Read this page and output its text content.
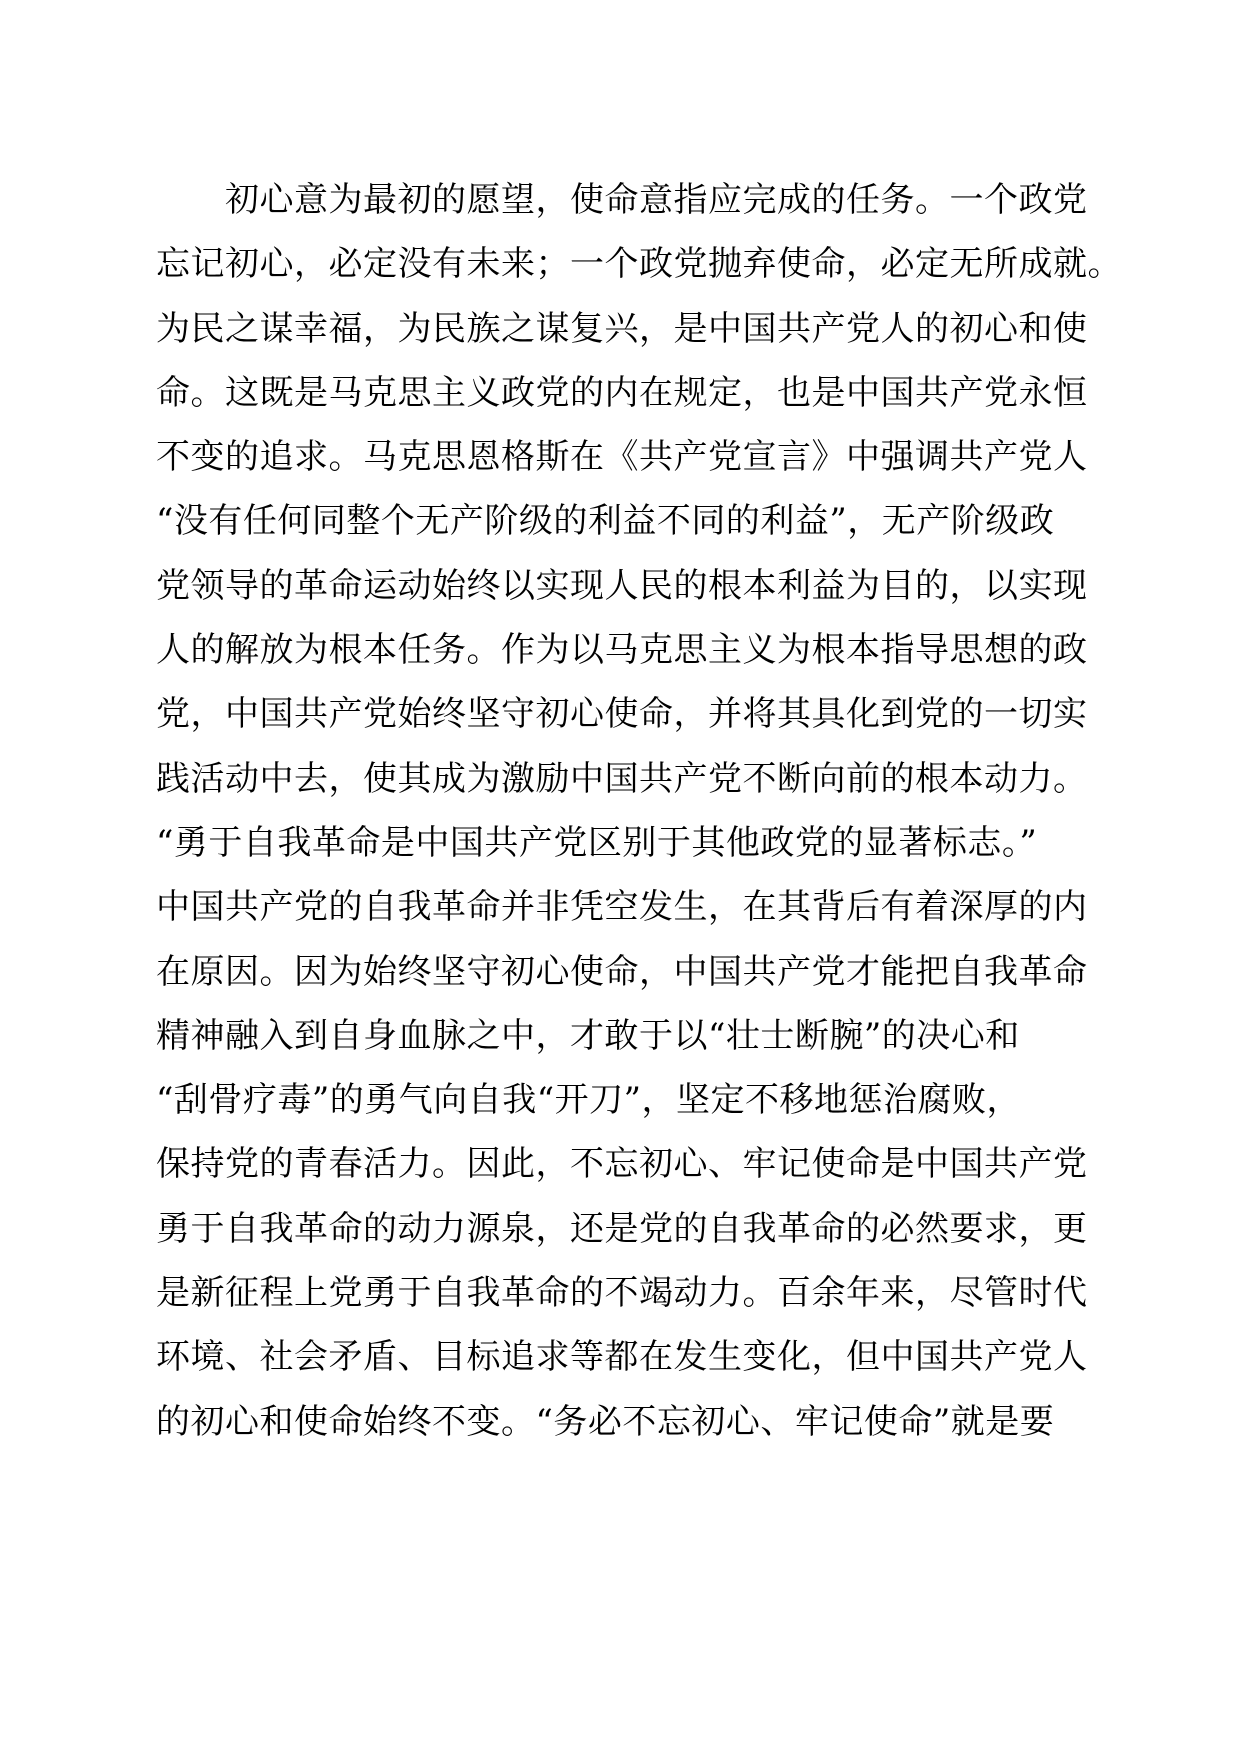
　　初心意为最初的愿望，使命意指应完成的任务。一个政党
忘记初心，必定没有未来；一个政党抛弃使命，必定无所成就。
为民之谋幸福，为民族之谋复兴，是中国共产党人的初心和使
命。这既是马克思主义政党的内在规定，也是中国共产党永恒
不变的追求。马克思恩格斯在《共产党宣言》中强调共产党人
“没有任何同整个无产阶级的利益不同的利益”，无产阶级政
党领导的革命运动始终以实现人民的根本利益为目的，以实现
人的解放为根本任务。作为以马克思主义为根本指导思想的政
党，中国共产党始终坚守初心使命，并将其具化到党的一切实
践活动中去，使其成为激励中国共产党不断向前的根本动力。
“勇于自我革命是中国共产党区别于其他政党的显著标志。”
中国共产党的自我革命并非凭空发生，在其背后有着深厚的内
在原因。因为始终坚守初心使命，中国共产党才能把自我革命
精神融入到自身血脉之中，才敢于以“壮士断腕”的决心和
“刮骨疗毒”的勇气向自我“开刀”，坚定不移地惩治腐败，
保持党的青春活力。因此，不忘初心、牢记使命是中国共产党
勇于自我革命的动力源泉，还是党的自我革命的必然要求，更
是新征程上党勇于自我革命的不竭动力。百余年来，尽管时代
环境、社会矛盾、目标追求等都在发生变化，但中国共产党人
的初心和使命始终不变。“务必不忘初心、牢记使命”就是要
